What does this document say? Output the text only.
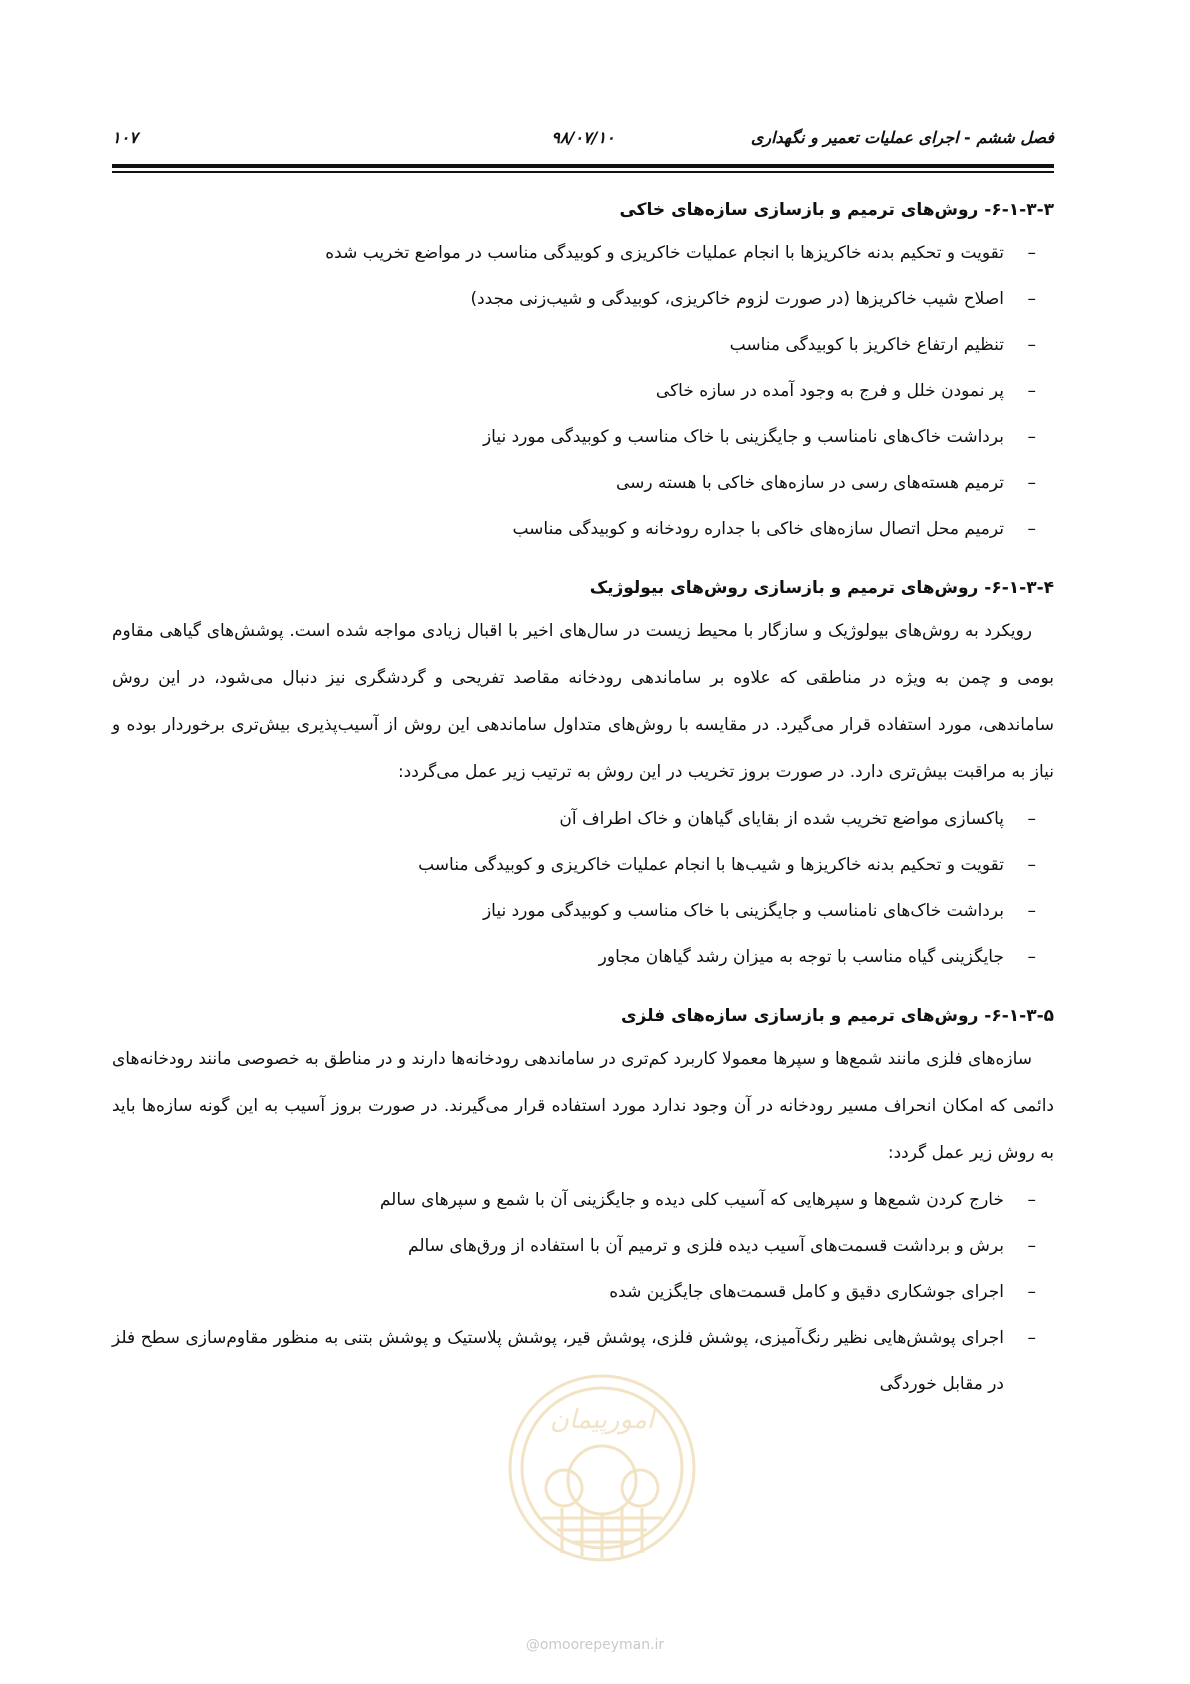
فصل ششم - اجرای عملیات تعمیر و نگهداری
۹۸/۰۷/۱۰
۱۰۷
۶-۱-۳-۳- روش‌های ترمیم و بازسازی سازه‌های خاکی
–
تقویت و تحکیم بدنه خاکریزها با انجام عملیات خاکریزی و کوبیدگی مناسب در مواضع تخریب شده
–
اصلاح شیب خاکریزها (در صورت لزوم خاکریزی، کوبیدگی و شیب‌زنی مجدد)
–
تنظیم ارتفاع خاکریز با کوبیدگی مناسب
–
پر نمودن خلل و فرج به وجود آمده در سازه خاکی
–
برداشت خاک‌های نامناسب و جایگزینی با خاک مناسب و کوبیدگی مورد نیاز
–
ترمیم هسته‌های رسی در سازه‌های خاکی با هسته رسی
–
ترمیم محل اتصال سازه‌های خاکی با جداره رودخانه و کوبیدگی مناسب
۶-۱-۳-۴- روش‌های ترمیم و بازسازی روش‌های بیولوژیک

رویکرد به روش‌های بیولوژیک و سازگار با محیط زیست در سال‌های اخیر با اقبال زیادی مواجه شده است. پوشش‌های گیاهی مقاوم بومی و چمن به ویژه در مناطقی که علاوه بر ساماندهی رودخانه مقاصد تفریحی و گردشگری نیز دنبال می‌شود، در این روش ساماندهی، مورد استفاده قرار می‌گیرد. در مقایسه با روش‌های متداول ساماندهی این روش از آسیب‌پذیری بیش‌تری برخوردار بوده و نیاز به مراقبت بیش‌تری دارد. در صورت بروز تخریب در این روش به ترتیب زیر عمل می‌گردد:

–
پاکسازی مواضع تخریب شده از بقایای گیاهان و خاک اطراف آن
–
تقویت و تحکیم بدنه خاکریزها و شیب‌ها با انجام عملیات خاکریزی و کوبیدگی مناسب
–
برداشت خاک‌های نامناسب و جایگزینی با خاک مناسب و کوبیدگی مورد نیاز
–
جایگزینی گیاه مناسب با توجه به میزان رشد گیاهان مجاور
۶-۱-۳-۵- روش‌های ترمیم و بازسازی سازه‌های فلزی

سازه‌های فلزی مانند شمع‌ها و سپرها معمولا کاربرد کم‌تری در ساماندهی رودخانه‌ها دارند و در مناطق به خصوصی مانند رودخانه‌های دائمی که امکان انحراف مسیر رودخانه در آن وجود ندارد مورد استفاده قرار می‌گیرند. در صورت بروز آسیب به این گونه سازه‌ها باید به روش زیر عمل گردد:

–
خارج کردن شمع‌ها و سپرهایی که آسیب کلی دیده و جایگزینی آن با شمع و سپرهای سالم
–
برش و برداشت قسمت‌های آسیب دیده فلزی و ترمیم آن با استفاده از ورق‌های سالم
–
اجرای جوشکاری دقیق و کامل قسمت‌های جایگزین شده
–
اجرای پوشش‌هایی نظیر رنگ‌آمیزی، پوشش فلزی، پوشش قیر، پوشش پلاستیک و پوشش بتنی به منظور مقاوم‌سازی سطح فلز در مقابل خوردگی
امورپیمان
@omoorepeyman.ir
